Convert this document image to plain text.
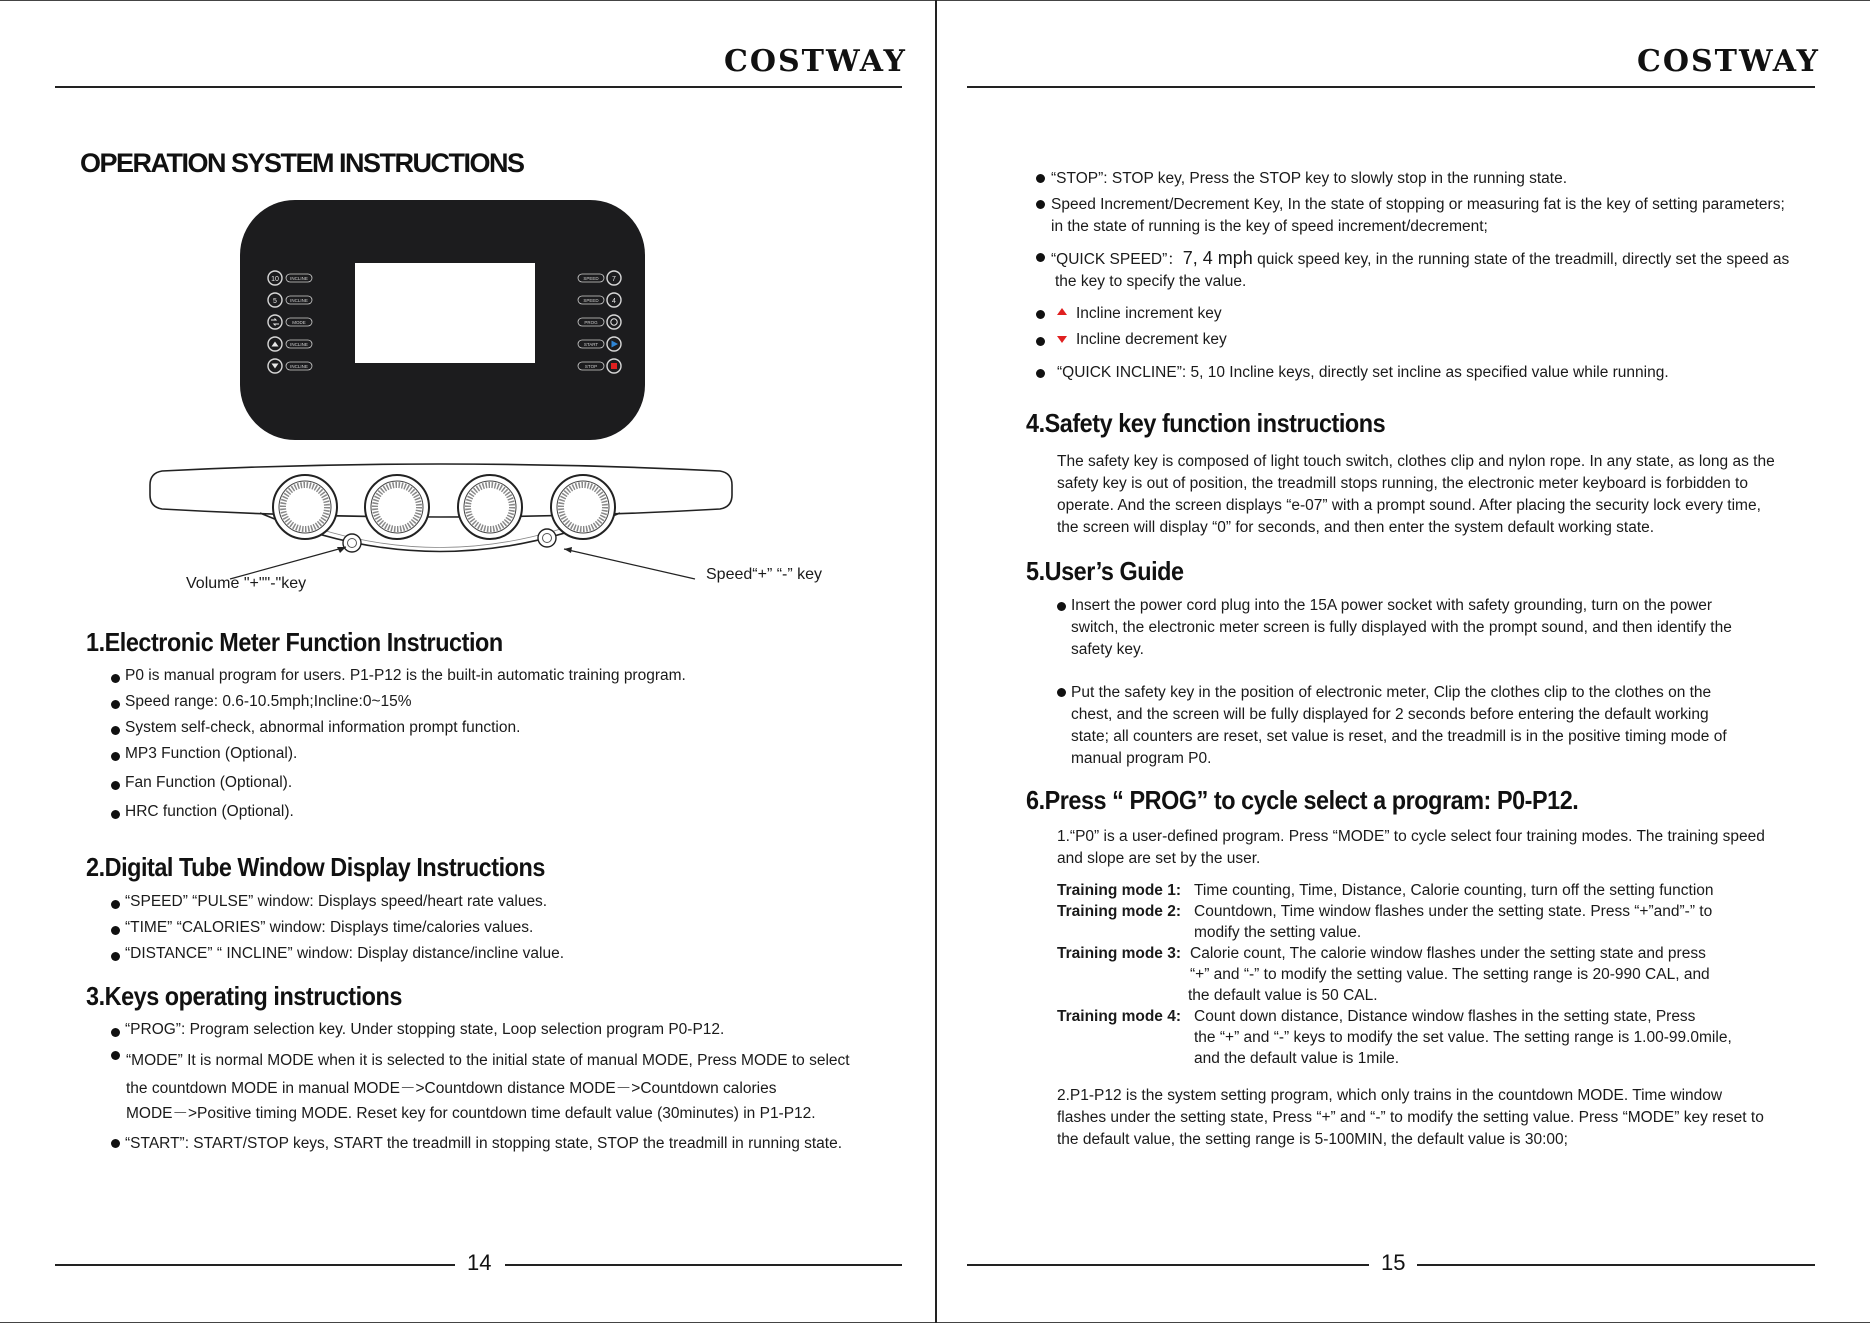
COSTWAY
OPERATION SYSTEM INSTRUCTIONS
10 INCLINE
5	INCLINE
MODE
INCLINE
INCLINE
SPEED 7
SPEED 4
PROG
START
STOP
Volume "+""-"key
Speed“+” “-” key
1.Electronic Meter Function Instruction
P0 is manual program for users. P1-P12 is the built-in automatic training program.
Speed range: 0.6-10.5mph;Incline:0~15%
System self-check, abnormal information prompt function.
MP3 Function (Optional).
Fan Function (Optional).
HRC function (Optional).
2.Digital Tube Window Display Instructions
“SPEED” “PULSE” window: Displays speed/heart rate values.
“TIME” “CALORIES” window: Displays time/calories values.
“DISTANCE” “ INCLINE” window: Display distance/incline value.
3.Keys operating instructions
“PROG”: Program selection key. Under stopping state, Loop selection program P0-P12.
“MODE” It is normal MODE when it is selected to the initial state of manual MODE, Press MODE to select
the countdown MODE in manual MODE－>Countdown distance MODE－>Countdown calories
MODE－>Positive timing MODE. Reset key for countdown time default value (30minutes) in P1-P12.
“START”: START/STOP keys, START the treadmill in stopping state, STOP the treadmill in running state.
14
COSTWAY
“STOP”: STOP key, Press the STOP key to slowly stop in the running state.
Speed Increment/Decrement Key, In the state of stopping or measuring fat is the key of setting parameters;
in the state of running is the key of speed increment/decrement;
“QUICK SPEED”：7, 4 mph quick speed key, in the running state of the treadmill, directly set the speed as
the key to specify the value.
Incline increment key
Incline decrement key
“QUICK INCLINE”: 5, 10 Incline keys, directly set incline as specified value while running.
4.Safety key function instructions
The safety key is composed of light touch switch, clothes clip and nylon rope. In any state, as long as the
safety key is out of position, the treadmill stops running, the electronic meter keyboard is forbidden to
operate. And the screen displays “e-07” with a prompt sound. After placing the security lock every time,
the screen will display “0” for seconds, and then enter the system default working state.
5.User’s Guide
Insert the power cord plug into the 15A power socket with safety grounding, turn on the power
switch, the electronic meter screen is fully displayed with the prompt sound, and then identify the
safety key.
Put the safety key in the position of electronic meter, Clip the clothes clip to the clothes on the
chest, and the screen will be fully displayed for 2 seconds before entering the default working
state; all counters are reset, set value is reset, and the treadmill is in the positive timing mode of
manual program P0.
6.Press “ PROG” to cycle select a program: P0-P12.
1.“P0” is a user-defined program. Press “MODE” to cycle select four training modes. The training speed
and slope are set by the user.
Training mode 1: Time counting, Time, Distance, Calorie counting, turn off the setting function
Training mode 2: Countdown, Time window flashes under the setting state. Press “+”and”-” to
modify the setting value.
Training mode 3: Calorie count, The calorie window flashes under the setting state and press
“+” and “-” to modify the setting value. The setting range is 20-990 CAL, and
the default value is 50 CAL.
Training mode 4: Count down distance, Distance window flashes in the setting state, Press
the “+” and “-” keys to modify the set value. The setting range is 1.00-99.0mile,
and the default value is 1mile.
2.P1-P12 is the system setting program, which only trains in the countdown MODE. Time window
flashes under the setting state, Press “+” and “-” to modify the setting value. Press “MODE” key reset to
the default value, the setting range is 5-100MIN, the default value is 30:00;
15
